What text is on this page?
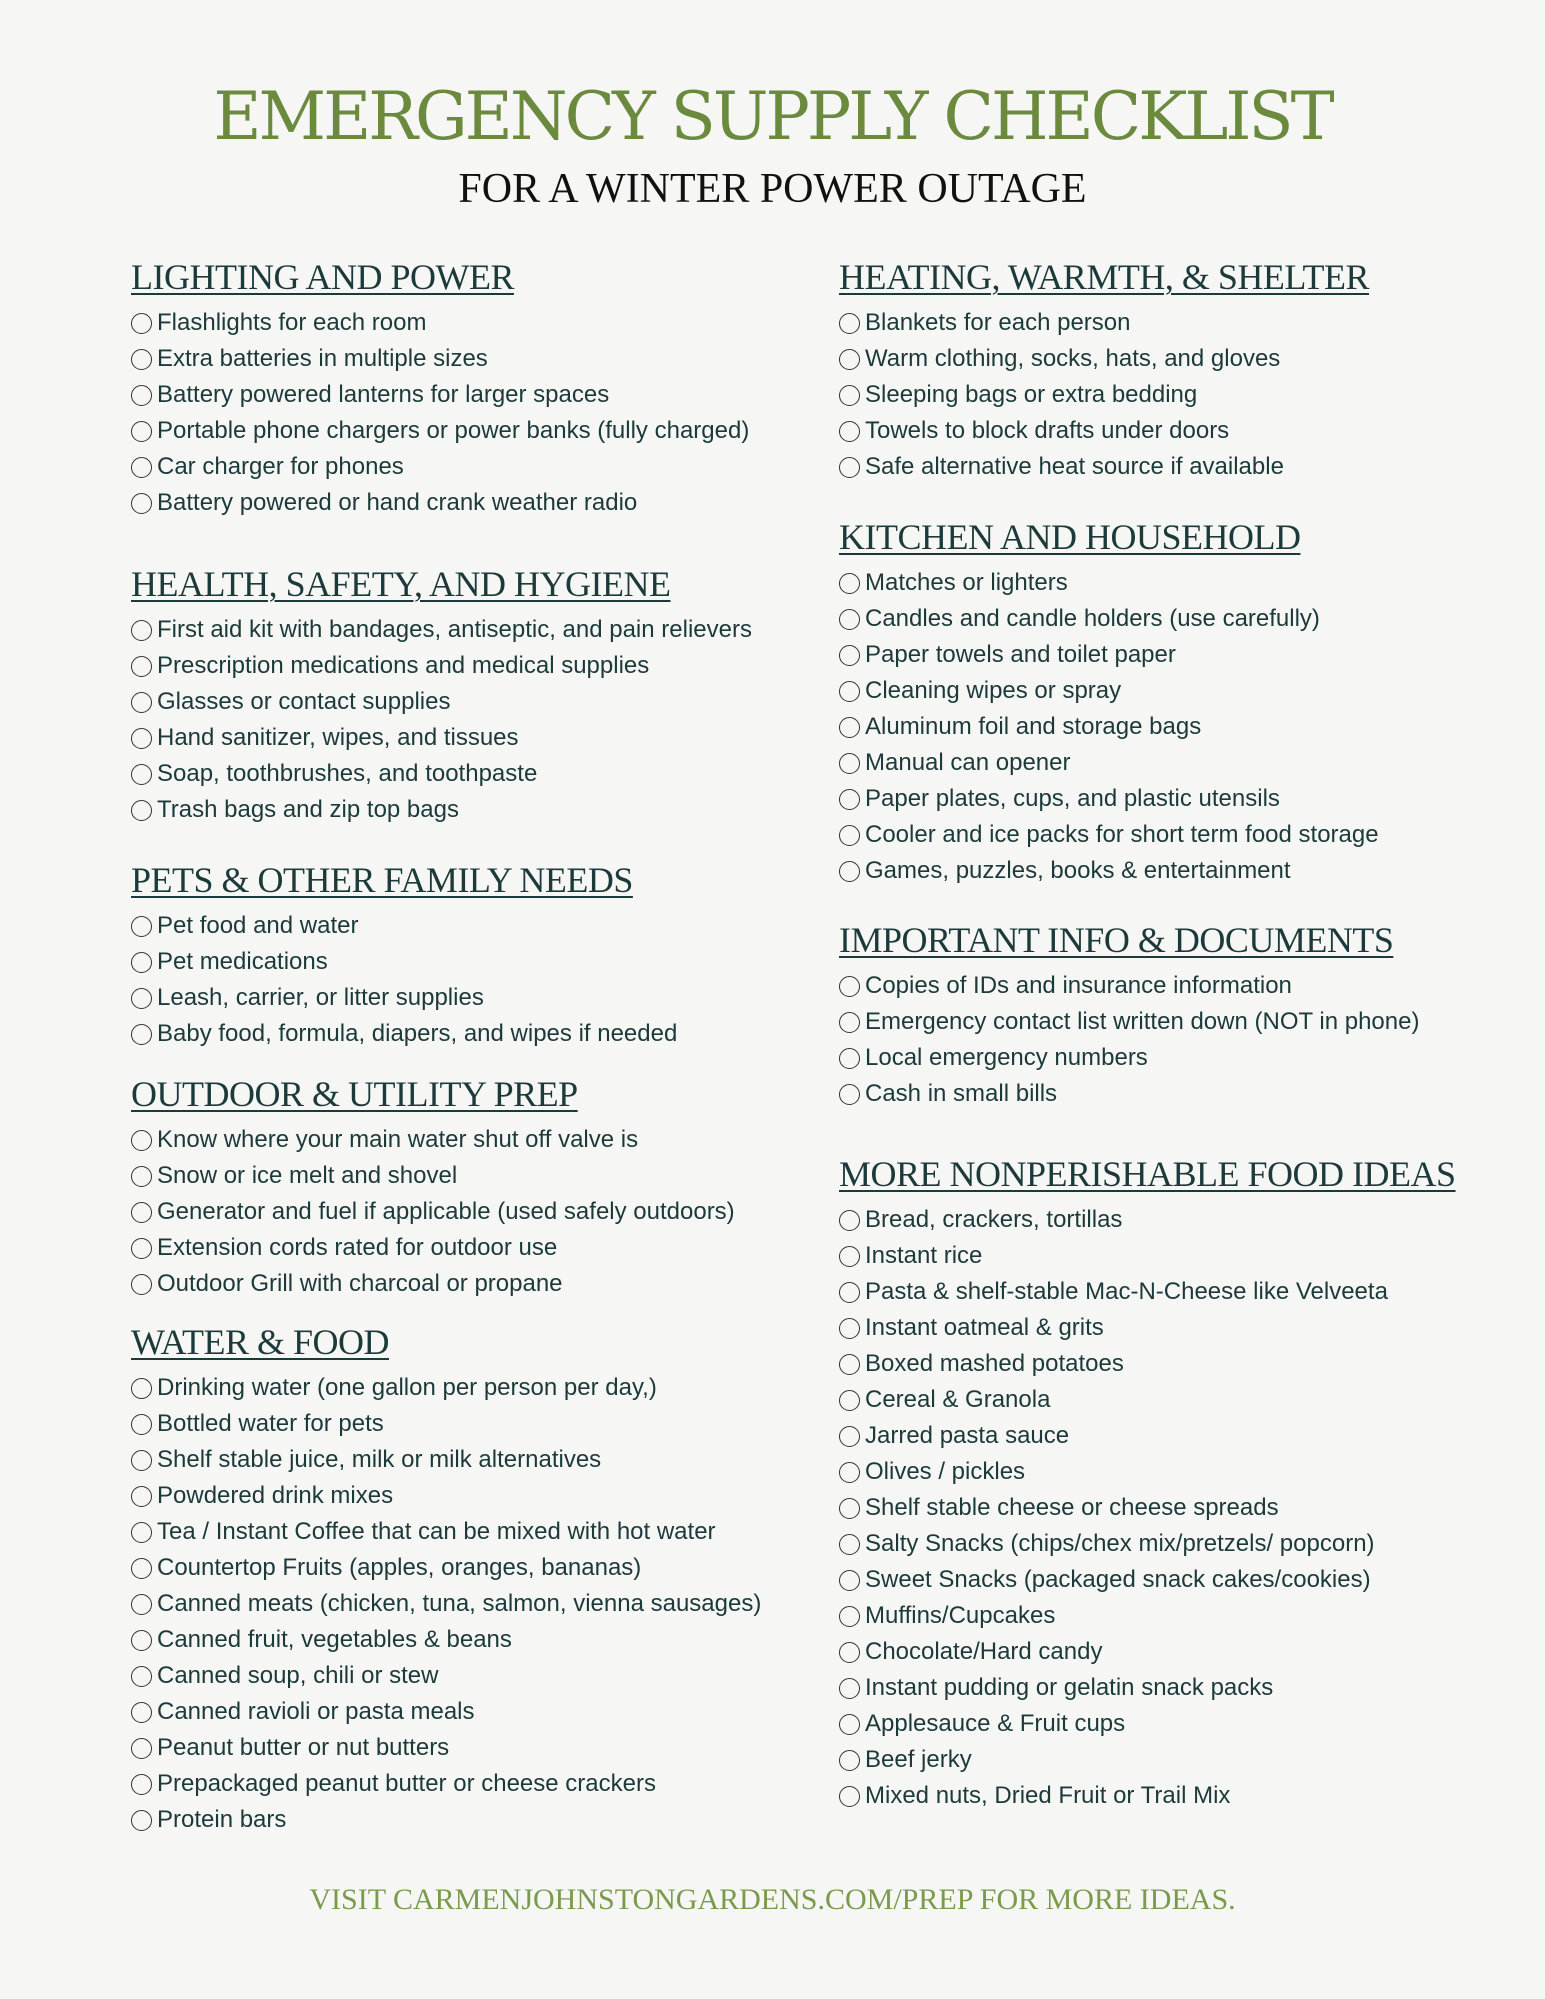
EMERGENCY SUPPLY CHECKLIST
FOR A WINTER POWER OUTAGE
LIGHTING AND POWER
Flashlights for each room
Extra batteries in multiple sizes
Battery powered lanterns for larger spaces
Portable phone chargers or power banks (fully charged)
Car charger for phones
Battery powered or hand crank weather radio
HEALTH, SAFETY, AND HYGIENE
First aid kit with bandages, antiseptic, and pain relievers
Prescription medications and medical supplies
Glasses or contact supplies
Hand sanitizer, wipes, and tissues
Soap, toothbrushes, and toothpaste
Trash bags and zip top bags
PETS & OTHER FAMILY NEEDS
Pet food and water
Pet medications
Leash, carrier, or litter supplies
Baby food, formula, diapers, and wipes if needed
OUTDOOR & UTILITY PREP
Know where your main water shut off valve is
Snow or ice melt and shovel
Generator and fuel if applicable (used safely outdoors)
Extension cords rated for outdoor use
Outdoor Grill with charcoal or propane
WATER & FOOD
Drinking water (one gallon per person per day,)
Bottled water for pets
Shelf stable juice, milk or milk alternatives
Powdered drink mixes
Tea / Instant Coffee that can be mixed with hot water
Countertop Fruits (apples, oranges, bananas)
Canned meats (chicken, tuna, salmon, vienna sausages)
Canned fruit, vegetables & beans
Canned soup, chili or stew
Canned ravioli or pasta meals
Peanut butter or nut butters
Prepackaged peanut butter or cheese crackers
Protein bars
HEATING, WARMTH, & SHELTER
Blankets for each person
Warm clothing, socks, hats, and gloves
Sleeping bags or extra bedding
Towels to block drafts under doors
Safe alternative heat source if available
KITCHEN AND HOUSEHOLD
Matches or lighters
Candles and candle holders (use carefully)
Paper towels and toilet paper
Cleaning wipes or spray
Aluminum foil and storage bags
Manual can opener
Paper plates, cups, and plastic utensils
Cooler and ice packs for short term food storage
Games, puzzles, books & entertainment
IMPORTANT INFO & DOCUMENTS
Copies of IDs and insurance information
Emergency contact list written down (NOT in phone)
Local emergency numbers
Cash in small bills
MORE NONPERISHABLE FOOD IDEAS
Bread, crackers, tortillas
Instant rice
Pasta & shelf-stable Mac-N-Cheese like Velveeta
Instant oatmeal & grits
Boxed mashed potatoes
Cereal & Granola
Jarred pasta sauce
Olives / pickles
Shelf stable cheese or cheese spreads
Salty Snacks (chips/chex mix/pretzels/ popcorn)
Sweet Snacks (packaged snack cakes/cookies)
Muffins/Cupcakes
Chocolate/Hard candy
Instant pudding or gelatin snack packs
Applesauce & Fruit cups
Beef jerky
Mixed nuts, Dried Fruit or Trail Mix
VISIT CARMENJOHNSTONGARDENS.COM/PREP FOR MORE IDEAS.
